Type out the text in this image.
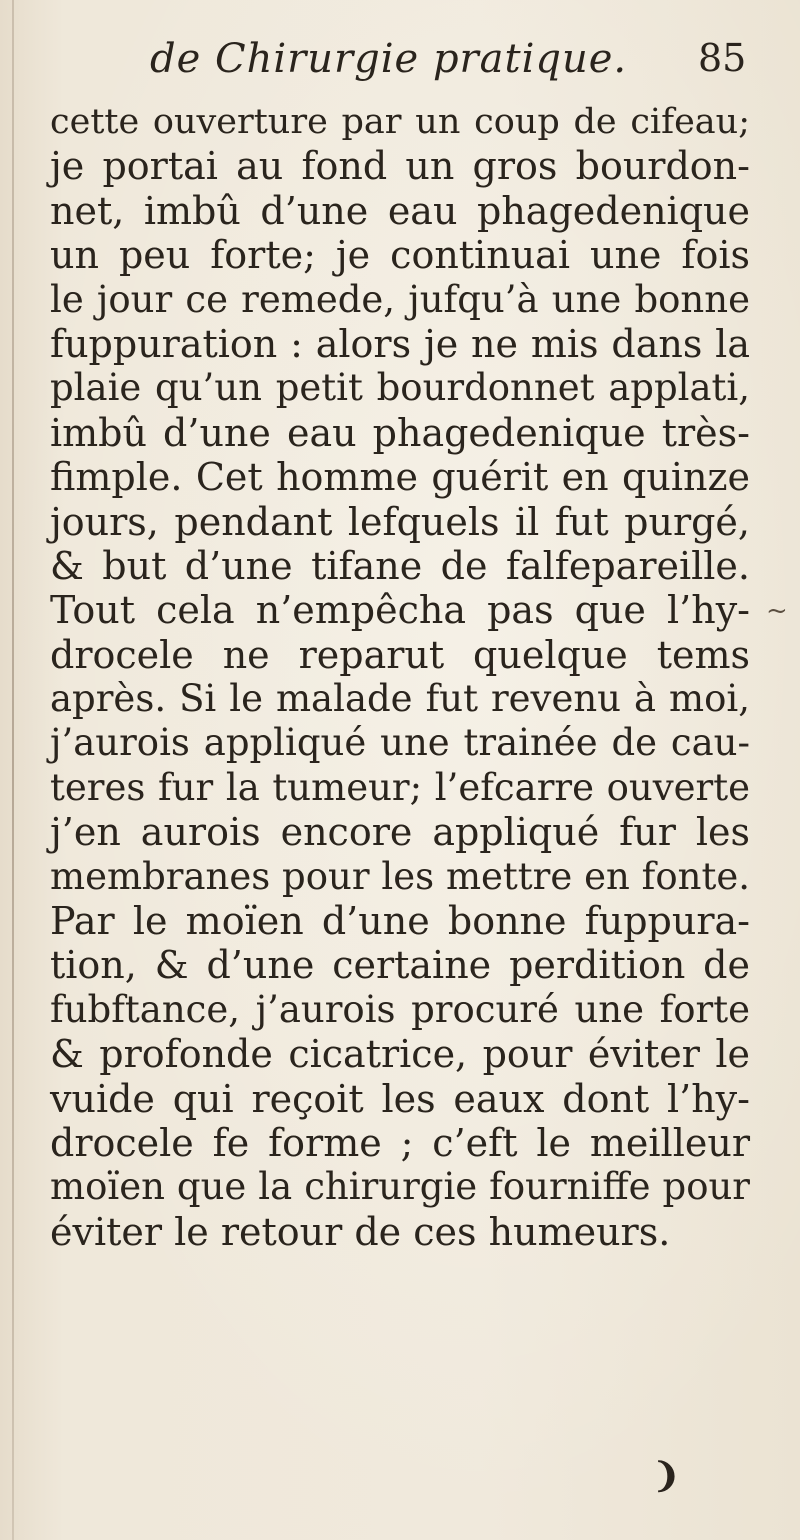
de Chirurgie pratique. 85
cette ouverture par un coup de cifeau;
je portai au fond un gros bourdon-
net, imbû d’une eau phagedenique
un peu forte; je continuai une fois
le jour ce remede, jufqu’à une bonne
fuppuration : alors je ne mis dans la
plaie qu’un petit bourdonnet applati,
imbû d’une eau phagedenique très-
fimple. Cet homme guérit en quinze
jours, pendant lefquels il fut purgé,
& but d’une tifane de falfepareille.
Tout cela n’empêcha pas que l’hy-
drocele ne reparut quelque tems
après. Si le malade fut revenu à moi,
j’aurois appliqué une trainée de cau-
teres fur la tumeur; l’efcarre ouverte
j’en aurois encore appliqué fur les
membranes pour les mettre en fonte.
Par le moïen d’une bonne fuppura-
tion, & d’une certaine perdition de
fubftance, j’aurois procuré une forte
& profonde cicatrice, pour éviter le
vuide qui reçoit les eaux dont l’hy-
drocele fe forme ; c’eft le meilleur
moïen que la chirurgie fourniffe pour
éviter le retour de ces humeurs.
~
❩
